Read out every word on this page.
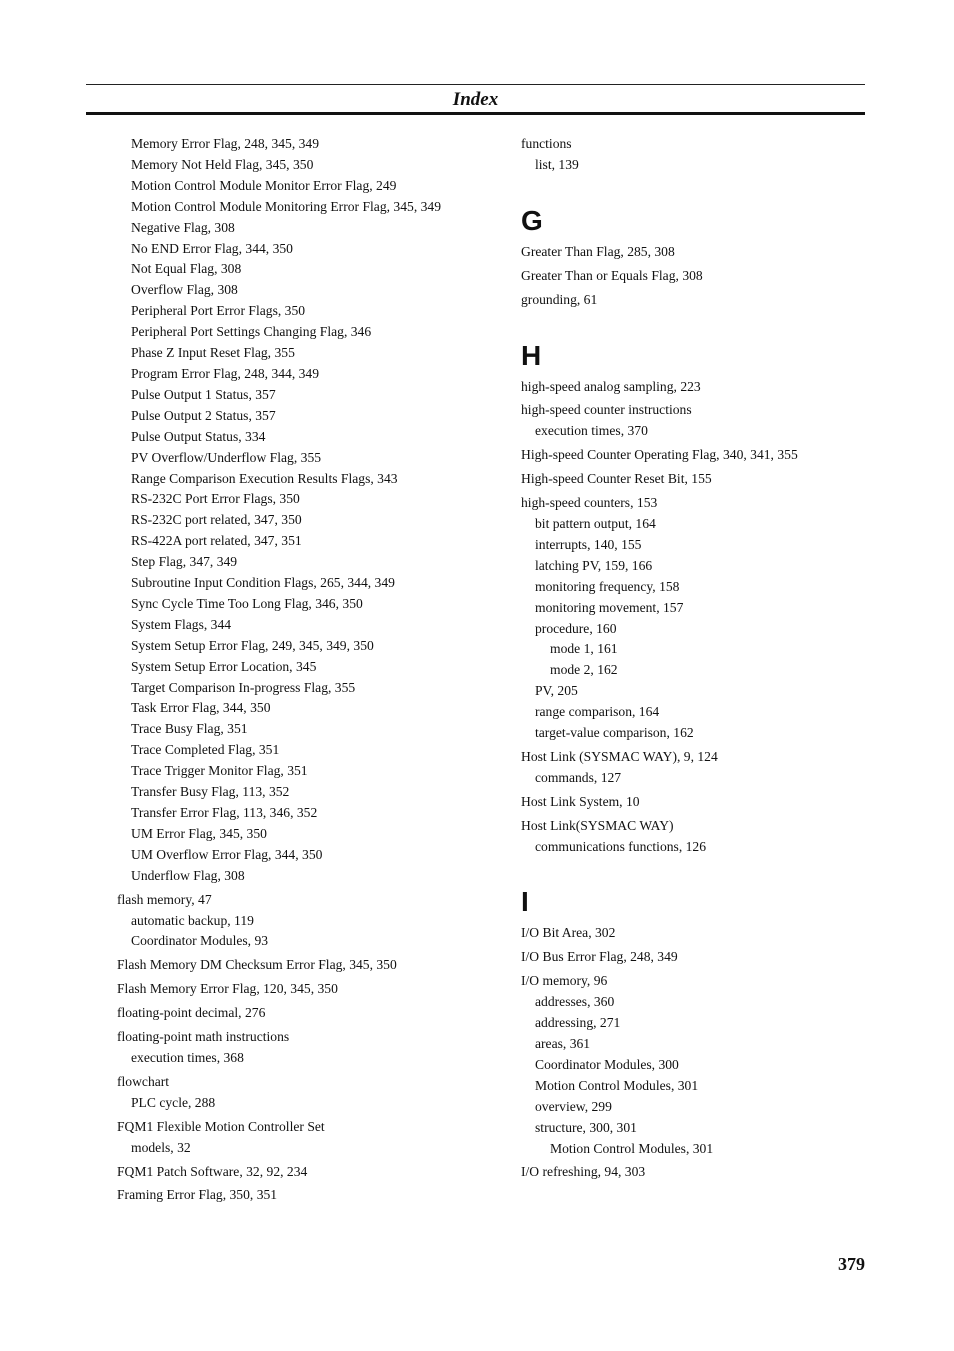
Index
Memory Error Flag, 248, 345, 349
Memory Not Held Flag, 345, 350
Motion Control Module Monitor Error Flag, 249
Motion Control Module Monitoring Error Flag, 345, 349
Negative Flag, 308
No END Error Flag, 344, 350
Not Equal Flag, 308
Overflow Flag, 308
Peripheral Port Error Flags, 350
Peripheral Port Settings Changing Flag, 346
Phase Z Input Reset Flag, 355
Program Error Flag, 248, 344, 349
Pulse Output 1 Status, 357
Pulse Output 2 Status, 357
Pulse Output Status, 334
PV Overflow/Underflow Flag, 355
Range Comparison Execution Results Flags, 343
RS-232C Port Error Flags, 350
RS-232C port related, 347, 350
RS-422A port related, 347, 351
Step Flag, 347, 349
Subroutine Input Condition Flags, 265, 344, 349
Sync Cycle Time Too Long Flag, 346, 350
System Flags, 344
System Setup Error Flag, 249, 345, 349, 350
System Setup Error Location, 345
Target Comparison In-progress Flag, 355
Task Error Flag, 344, 350
Trace Busy Flag, 351
Trace Completed Flag, 351
Trace Trigger Monitor Flag, 351
Transfer Busy Flag, 113, 352
Transfer Error Flag, 113, 346, 352
UM Error Flag, 345, 350
UM Overflow Error Flag, 344, 350
Underflow Flag, 308
flash memory, 47
automatic backup, 119
Coordinator Modules, 93
Flash Memory DM Checksum Error Flag, 345, 350
Flash Memory Error Flag, 120, 345, 350
floating-point decimal, 276
floating-point math instructions
execution times, 368
flowchart
PLC cycle, 288
FQM1 Flexible Motion Controller Set
models, 32
FQM1 Patch Software, 32, 92, 234
Framing Error Flag, 350, 351
functions
list, 139
G
Greater Than Flag, 285, 308
Greater Than or Equals Flag, 308
grounding, 61
H
high-speed analog sampling, 223
high-speed counter instructions
execution times, 370
High-speed Counter Operating Flag, 340, 341, 355
High-speed Counter Reset Bit, 155
high-speed counters, 153
bit pattern output, 164
interrupts, 140, 155
latching PV, 159, 166
monitoring frequency, 158
monitoring movement, 157
procedure, 160
mode 1, 161
mode 2, 162
PV, 205
range comparison, 164
target-value comparison, 162
Host Link (SYSMAC WAY), 9, 124
commands, 127
Host Link System, 10
Host Link(SYSMAC WAY)
communications functions, 126
I
I/O Bit Area, 302
I/O Bus Error Flag, 248, 349
I/O memory, 96
addresses, 360
addressing, 271
areas, 361
Coordinator Modules, 300
Motion Control Modules, 301
overview, 299
structure, 300, 301
Motion Control Modules, 301
I/O refreshing, 94, 303
379
